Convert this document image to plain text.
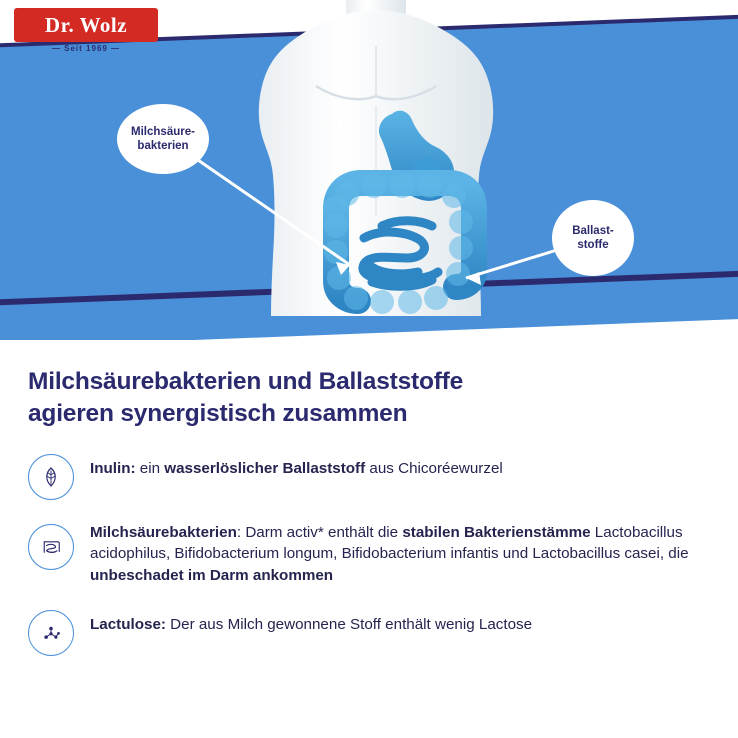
Milchsäure-
bakterien
Ballast-
stoffe
Dr. Wolz
— Seit 1969 —
Milchsäurebakterien und Ballaststoffe
agieren synergistisch zusammen
Inulin: ein wasserlöslicher Ballaststoff aus Chicoréewurzel
Milchsäurebakterien: Darm activ* enthält die stabilen Bakterienstämme Lactobacillus acidophilus, Bifidobacterium longum, Bifidobacterium infantis und Lactobacillus casei, die unbeschadet im Darm ankommen
Lactulose: Der aus Milch gewonnene Stoff enthält wenig Lactose
